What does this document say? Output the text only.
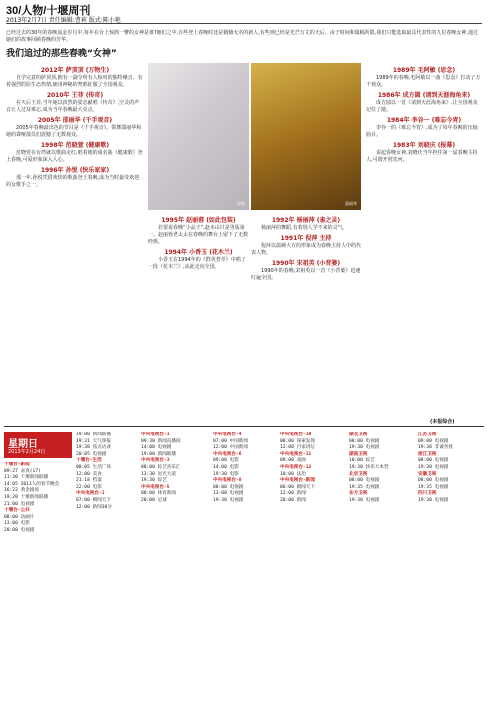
30/人物/十堰周刊
2013年2月7日 责任编辑:曹莉 版式:陈小艳
已经过去的30年的春晚流金岁月中,每年在台上惊鸿一瞥的女神是谁?她们之中,有些登上春晚时还是籍籍无名的新人,有些则已经是光芒万丈的天后。由于时间和篇幅所限,我们只能选取最具代表性的九位春晚女神,通过她们的故事回顾春晚的芳华。
我们追过的那些春晚“女神”
2012年 萨顶顶 (万物生)
自学完意的萨顶顶,拥有一副令所有人惊叹的独特嗓音。有着强烈的原生态热情,她用神秘的梵唱征服了全国观众。
2010年 王菲 (传奇)
在天后王菲,当年她以淡然的姿态献唱《传奇》,空灵的声音让人过耳难忘,成为当年春晚最大亮点。
2005年 邵丽华 (千手观音)
2005年春晚最出色的节目是《千手观音》。领舞邵丽华和她的聋哑演员们震撼了无数观众。
1998年 范晓萱 (健康歌)
范晓萱在台湾就以歌曲走红,唱着她的成名曲《健康歌》登上春晚,可爱形象深入人心。
1996年 孙悦 (快乐家家)
那一年,孙悦凭借欢快的歌曲登上春晚,成为当时最受欢迎的女歌手之一。
孙悦	邵丽华
1995年 赵丽蓉 (如此包装)
若要说春晚“小品王”,赵本山只是男版第一。赵丽蓉老太太在春晚的舞台上留下了无数经典。
1994年 小香玉 (花木兰)
小香玉在1994年的《群英荟萃》中唱了一段《花木兰》,从此走向全国。
1992年 杨丽萍 (雀之灵)
杨丽萍的舞蹈,有着别人学不来的灵气。
1991年 倪萍 主持
倪萍以温婉大方的形象成为春晚主持人中的代表人物。
1990年 宋祖英 (小背篓)
1990年的春晚,宋祖英以一首《小背篓》迅速红遍全国。
1989年 毛阿敏 (思念)
1989年的春晚,毛阿敏以一曲《思念》打动了万千观众。
1986年 成方圆 (请到天涯海角来)
成方圆以一首《请到天涯海角来》,让全国观众记住了她。
1984年 李谷一 (难忘今宵)
李谷一的《难忘今宵》,成为了每年春晚的压轴曲目。
1983年 刘晓庆 (报幕)
说起春晚女神,刘晓庆当年担任第一届春晚主持人,可谓开创先河。
(本报综合)
星期日
2013年2月24日
十堰台-新闻
09:27 求真(17)
11:30 十堰新闻联播
14:05 2013人的春节晚会
16:22 黄金剧场
19:20 十堰新闻联播
21:00 电视剧
十堰台-公共
08:00 动画片
13:00 电影
20:00 电视剧
19:00 新闻联播
19:31 天气预报
19:38 焦点访谈
20:05 电视剧
十堰台-生活
08:05 生活广场
12:00 美食
21:18 档案
22:00 电影
中央电视台-1
07:00 朝闻天下
12:00 新闻30分
中央电视台-1
09:30 新闻直播间
14:00 电视剧
19:00 新闻联播
中央电视台-3
08:00 综艺喜乐汇
13:30 星光大道
19:30 综艺
中央电视台-5
08:00 体育新闻
20:00 足球
中央电视台-4
07:00 中国新闻
12:00 中国新闻
中央电视台-6
09:00 电影
14:00 电影
19:30 电影
中央电视台-8
08:00 电视剧
13:00 电视剧
19:30 电视剧
中央电视台-10
08:00 探索发现
12:00 百家讲坛
中央电视台-11
09:00 戏曲
中央电视台-12
10:00 法治
中央电视台-新闻
06:00 朝闻天下
12:00 新闻
20:00 新闻
湖北卫视
08:00 电视剧
19:30 电视剧
湖南卫视
10:00 综艺
19:30 快乐大本营
北京卫视
08:00 电视剧
19:35 电视剧
东方卫视
19:30 电视剧
江苏卫视
09:00 电视剧
19:30 非诚勿扰
浙江卫视
08:00 电视剧
19:30 电视剧
安徽卫视
08:00 电视剧
19:35 电视剧
四川卫视
19:30 电视剧
